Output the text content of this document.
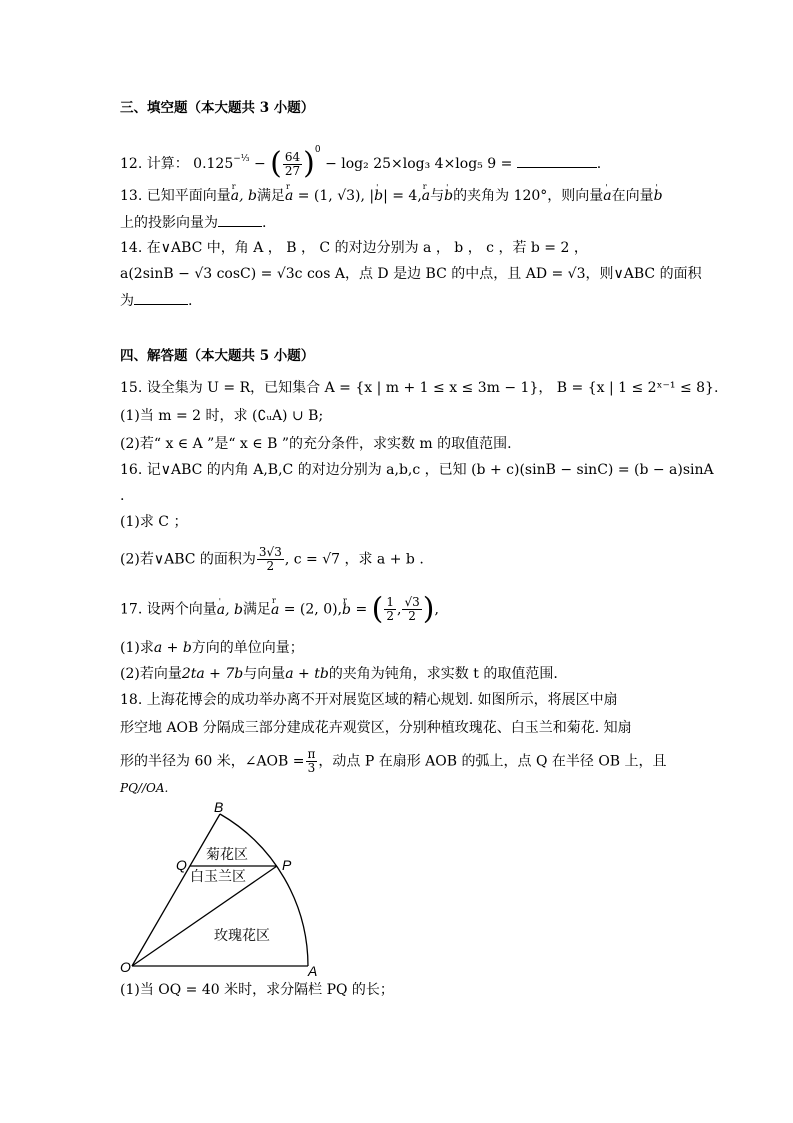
三、填空题（本大题共 3 小题）
12. 计算： $0.125^{-\frac{1}{3}}$ − ( $\frac{64}{27} )^0 - \log_2$ 25×log₃ 4×log₅ 9 =	.
13. 已知平面向量r a, b满足r a = (1, √3), |' b| = 4,r a与' b的夹角为 120°，则向量' a在向量' b
上的投影向量为	.
14. 在∨ABC 中，角 A ， B ， C 的对边分别为 a ， b ， c ，若 b = 2 ，
a(2sinB − √3 cosC) = √3c cos A，点 D 是边 BC 的中点，且 AD = √3，则∨ABC 的面积
为	.
四、解答题（本大题共 5 小题）
15. 设全集为 U = R，已知集合 A = {x | m + 1 ≤ x ≤ 3m − 1}， B = {x | 1 ≤ 2ˣ⁻¹ ≤ 8}.
(1)当 m = 2 时，求 (∁ᵤA) ∪ B;
(2)若“ x ∈ A ”是“ x ∈ B ”的充分条件，求实数 m 的取值范围.
16. 记∨ABC 的内角 A,B,C 的对边分别为 a,b,c ，已知 (b + c)(sinB − sinC) = (b − a)sinA
.
(1)求 C ；
(2)若∨ABC 的面积为 $\frac{3√3}{2}$ , c = √7 ，求 a + b .
17. 设两个向量' a, b满足r a = (2, 0),r b = ( $\frac{1}{2}$ , $\frac{√3}{2}$ ),
(1)求a + b方向的单位向量；
(2)若向量2ta + 7b与向量a + tb的夹角为钝角，求实数 t 的取值范围.
18. 上海花博会的成功举办离不开对展览区域的精心规划. 如图所示，将展区中扇
形空地 AOB 分隔成三部分建成花卉观赏区，分别种植玫瑰花、白玉兰和菊花. 知扇
形的半径为 60 米，∠AOB = $\frac{\pi}{3}$ ，动点 P 在扇形 AOB 的弧上，点 Q 在半径 OB 上，且
PQ//OA.
B
Q	P
O	A
菊花区
白玉兰区
玫瑰花区
(1)当 OQ = 40 米时，求分隔栏 PQ 的长；
